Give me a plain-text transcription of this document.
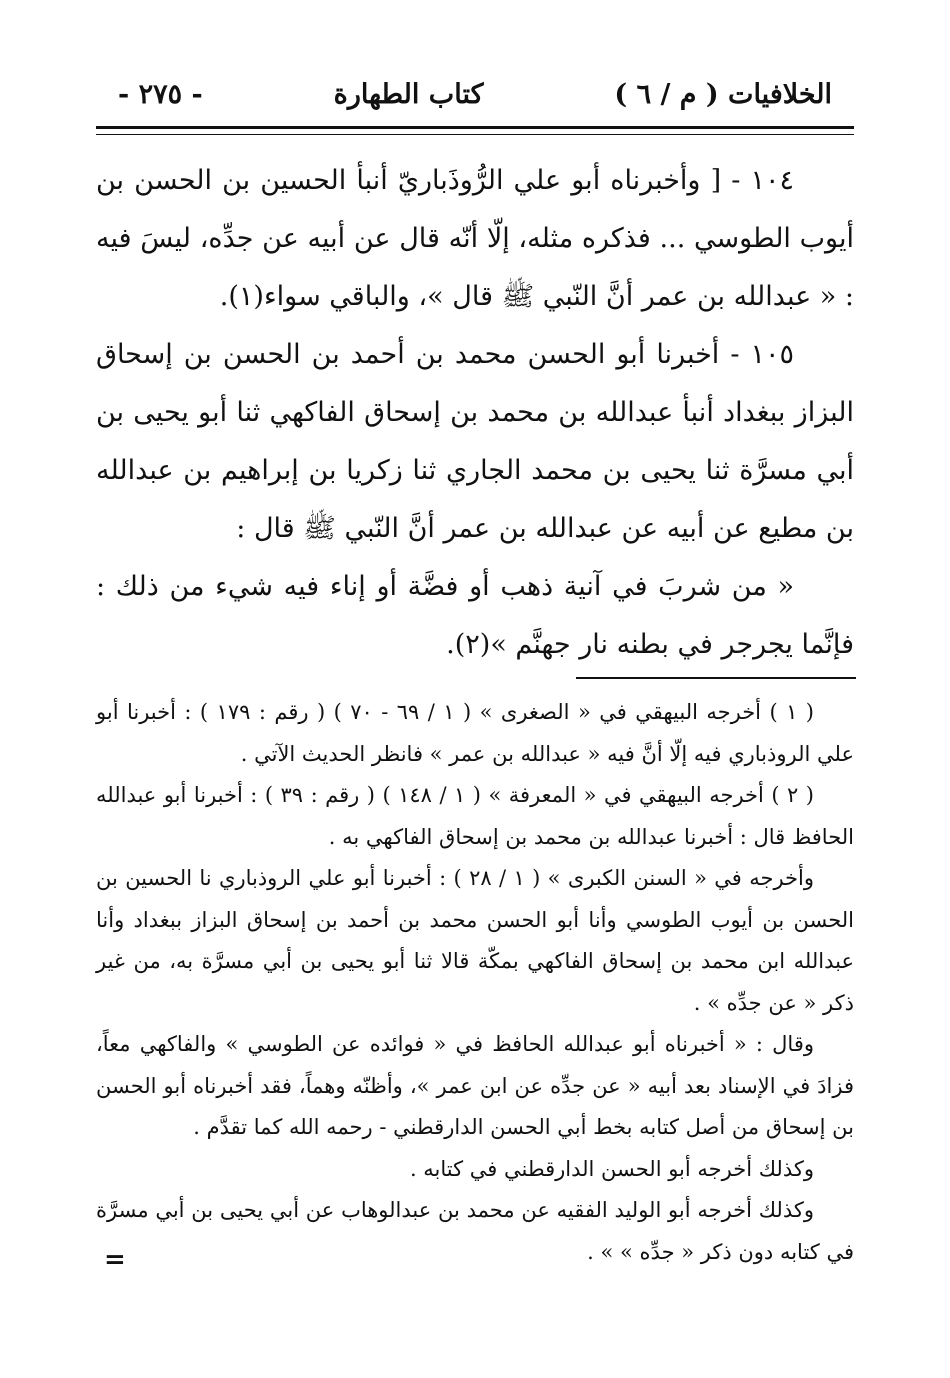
الخلافيات ( م / ٦ )
كتاب الطهارة
- ٢٧٥ -

١٠٤ - [ وأخبرناه أبو علي الرُّوذَباريّ أنبأ الحسين بن الحسن بن أيوب الطوسي ... فذكره مثله، إلّا أنّه قال عن أبيه عن جدِّه، ليسَ فيه : « عبدالله بن عمر أنَّ النّبي ﷺ قال »، والباقي سواء(١).

١٠٥ - أخبرنا أبو الحسن محمد بن أحمد بن الحسن بن إسحاق البزاز ببغداد أنبأ عبدالله بن محمد بن إسحاق الفاكهي ثنا أبو يحيى بن أبي مسرَّة ثنا يحيى بن محمد الجاري ثنا زكريا بن إبراهيم بن عبدالله بن مطيع عن أبيه عن عبدالله بن عمر أنَّ النّبي ﷺ قال :

« من شربَ في آنية ذهب أو فضَّة أو إناء فيه شيء من ذلك : فإنَّما يجرجر في بطنه نار جهنَّم »(٢).

( ١ ) أخرجه البيهقي في « الصغرى » ( ١ / ٦٩ - ٧٠ ) ( رقم : ١٧٩ ) : أخبرنا أبو علي الروذباري فيه إلّا أنَّ فيه « عبدالله بن عمر » فانظر الحديث الآتي .

( ٢ ) أخرجه البيهقي في « المعرفة » ( ١ / ١٤٨ ) ( رقم : ٣٩ ) : أخبرنا أبو عبدالله الحافظ قال : أخبرنا عبدالله بن محمد بن إسحاق الفاكهي به .

وأخرجه في « السنن الكبرى » ( ١ / ٢٨ ) : أخبرنا أبو علي الروذباري نا الحسين بن الحسن بن أيوب الطوسي وأنا أبو الحسن محمد بن أحمد بن إسحاق البزاز ببغداد وأنا عبدالله ابن محمد بن إسحاق الفاكهي بمكّة قالا ثنا أبو يحيى بن أبي مسرَّة به، من غير ذكر « عن جدِّه » .

وقال : « أخبرناه أبو عبدالله الحافظ في « فوائده عن الطوسي » والفاكهي معاً، فزادَ في الإسناد بعد أبيه « عن جدِّه عن ابن عمر »، وأظنّه وهماً، فقد أخبرناه أبو الحسن بن إسحاق من أصل كتابه بخط أبي الحسن الدارقطني - رحمه الله كما تقدَّم .

وكذلك أخرجه أبو الحسن الدارقطني في كتابه .

وكذلك أخرجه أبو الوليد الفقيه عن محمد بن عبدالوهاب عن أبي يحيى بن أبي مسرَّة في كتابه دون ذكر « جدِّه » » .

=
